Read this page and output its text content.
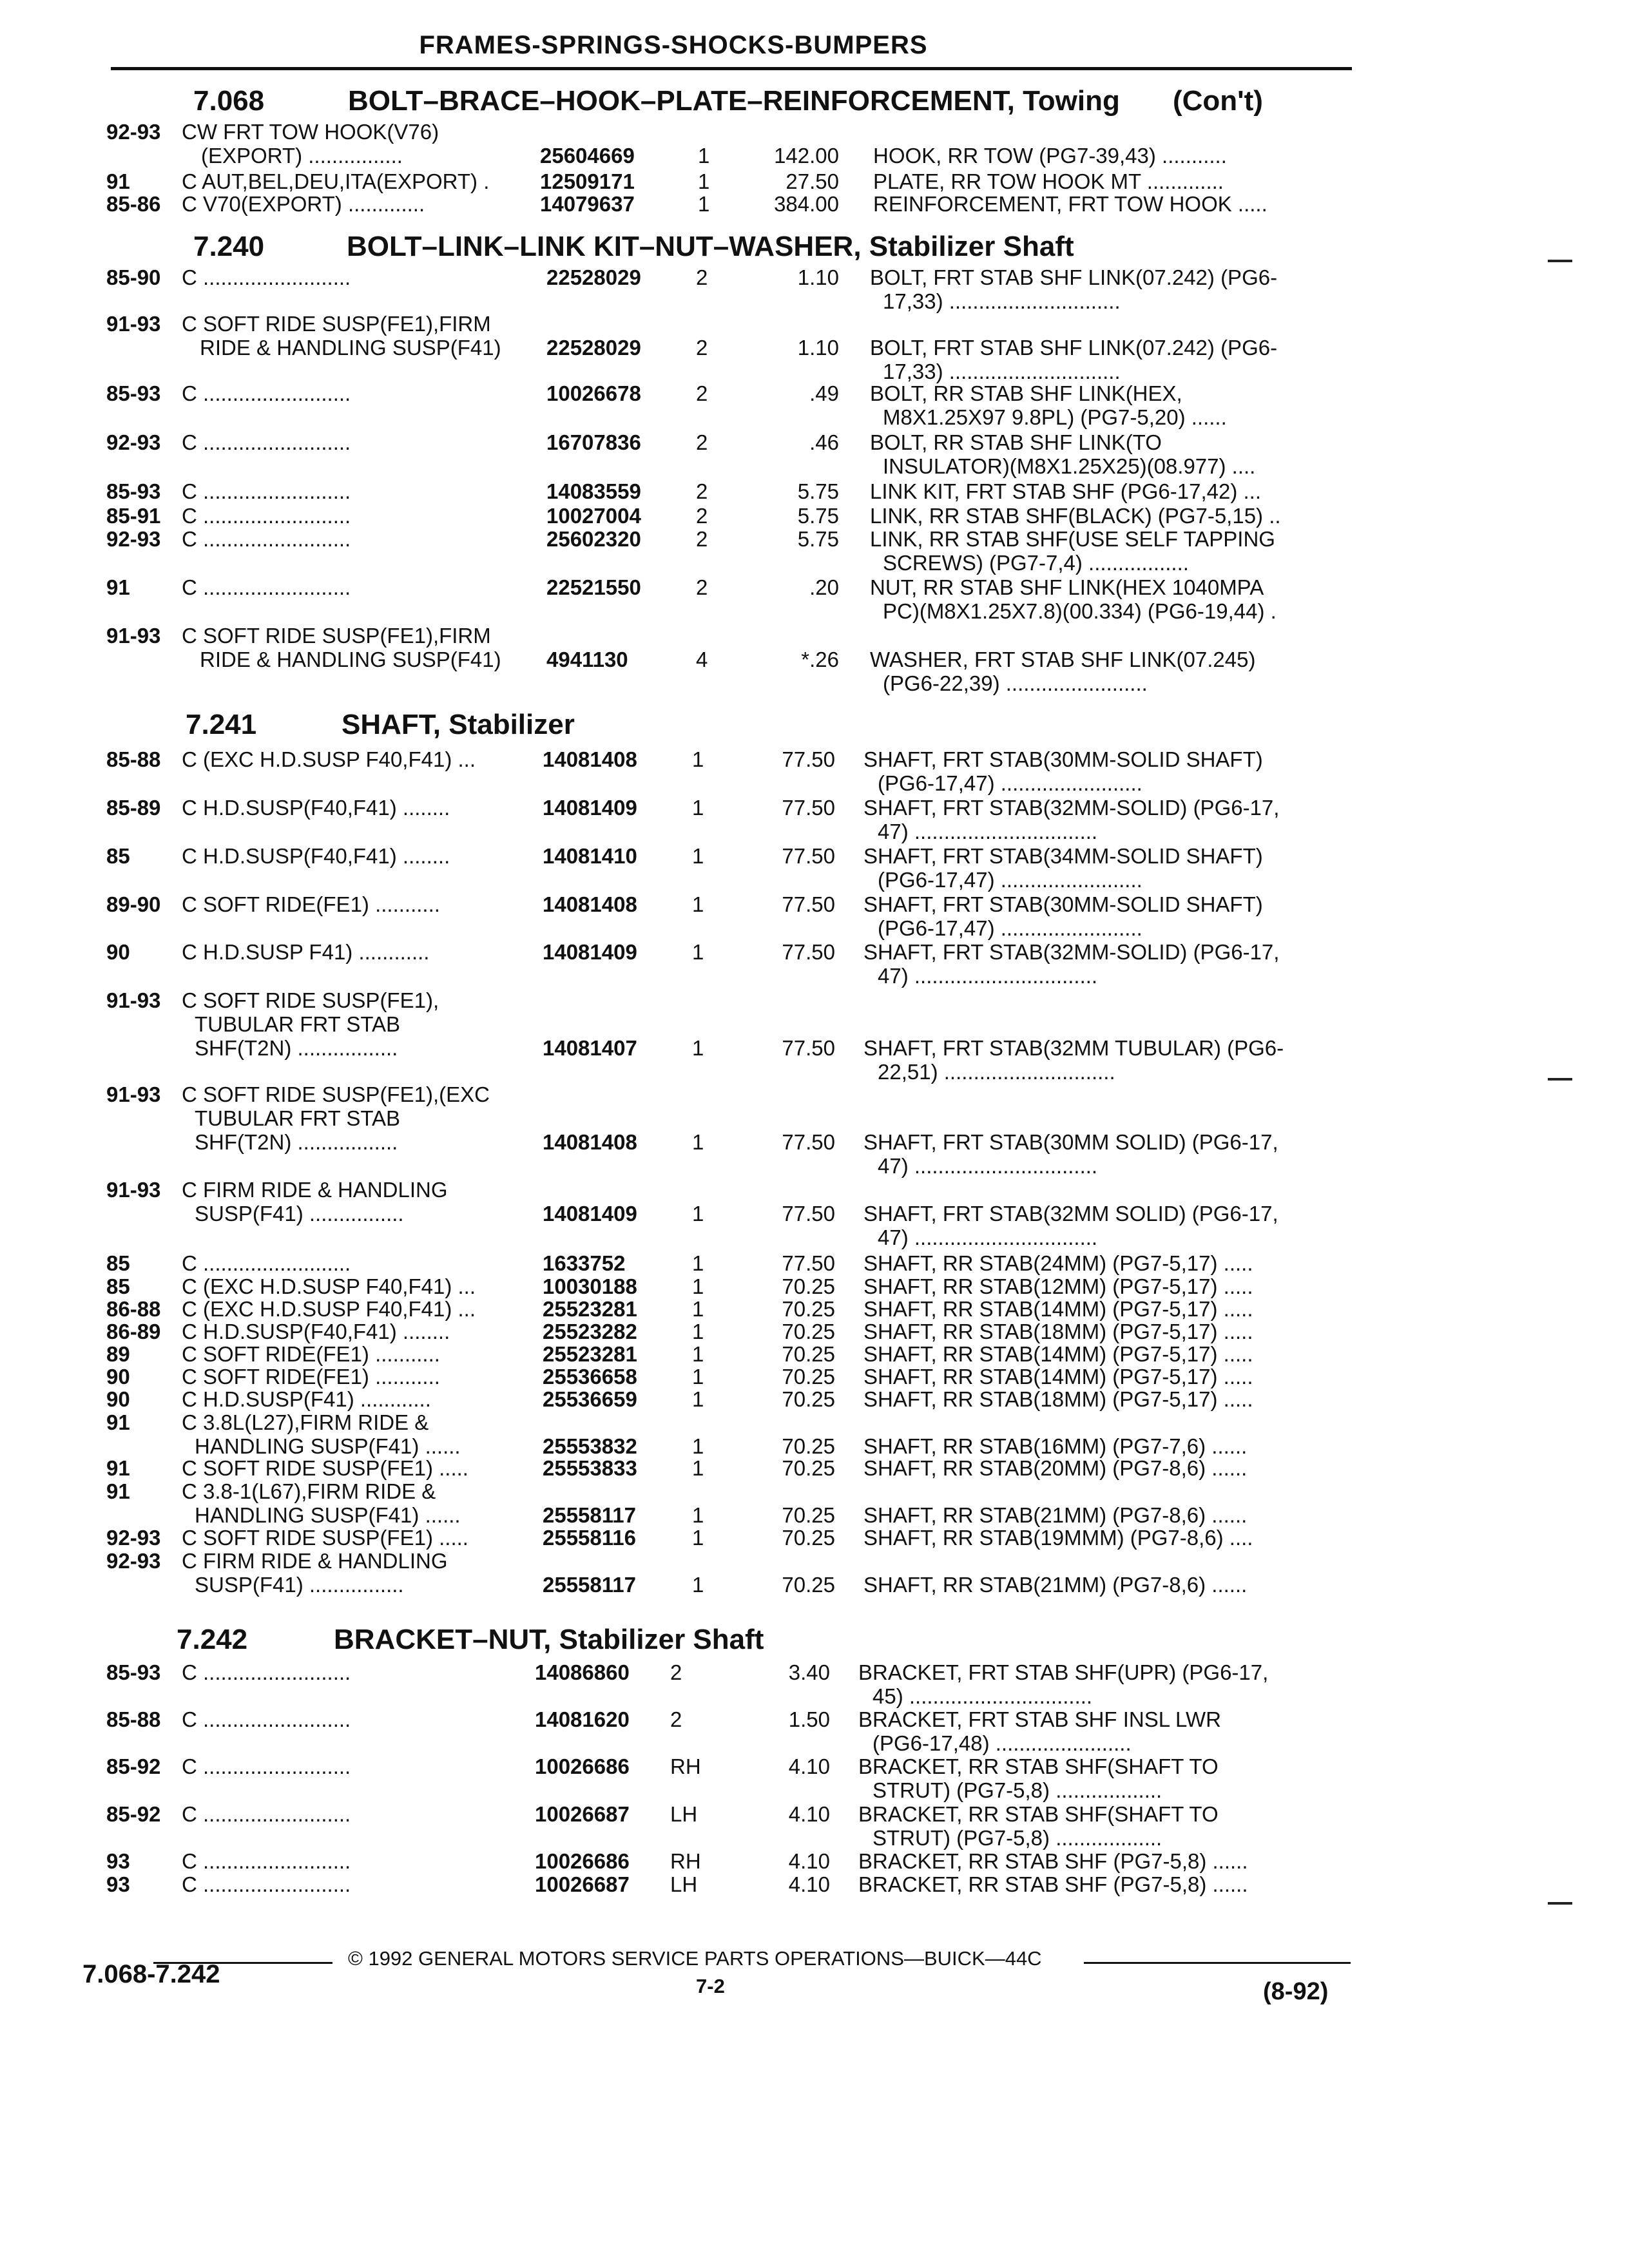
FRAMES-SPRINGS-SHOCKS-BUMPERS
7.068	BOLT–BRACE–HOOK–PLATE–REINFORCEMENT, Towing (Con't)
92-93 CW FRT TOW HOOK(V76)
(EXPORT) ................	25604669	1	142.00 HOOK, RR TOW (PG7-39,43) ...........
91 C AUT,BEL,DEU,ITA(EXPORT) . 12509171	1	27.50 PLATE, RR TOW HOOK MT .............
85-86 C V70(EXPORT) .............	14079637	1	384.00 REINFORCEMENT, FRT TOW HOOK .....
7.240	BOLT–LINK–LINK KIT–NUT–WASHER, Stabilizer Shaft
85-90 C .........................	22528029	2	1.10 BOLT, FRT STAB SHF LINK(07.242) (PG6-
17,33) .............................
91-93 C SOFT RIDE SUSP(FE1),FIRM
RIDE & HANDLING SUSP(F41) 22528029	2	1.10 BOLT, FRT STAB SHF LINK(07.242) (PG6-
17,33) .............................
85-93 C .........................	10026678	2	.49 BOLT, RR STAB SHF LINK(HEX,
M8X1.25X97 9.8PL) (PG7-5,20) ......
92-93 C .........................	16707836	2	.46 BOLT, RR STAB SHF LINK(TO
INSULATOR)(M8X1.25X25)(08.977) ....
85-93 C .........................	14083559	2	5.75 LINK KIT, FRT STAB SHF (PG6-17,42) ...
85-91 C .........................	10027004	2	5.75 LINK, RR STAB SHF(BLACK) (PG7-5,15) ..
92-93 C .........................	25602320	2	5.75 LINK, RR STAB SHF(USE SELF TAPPING
SCREWS) (PG7-7,4) .................
91 C .........................	22521550	2	.20 NUT, RR STAB SHF LINK(HEX 1040MPA
PC)(M8X1.25X7.8)(00.334) (PG6-19,44) .
91-93 C SOFT RIDE SUSP(FE1),FIRM
RIDE & HANDLING SUSP(F41) 4941130	4	*.26 WASHER, FRT STAB SHF LINK(07.245)
(PG6-22,39) ........................
7.241	SHAFT, Stabilizer
85-88 C (EXC H.D.SUSP F40,F41) ...	14081408	1	77.50 SHAFT, FRT STAB(30MM-SOLID SHAFT)
(PG6-17,47) ........................
85-89 C H.D.SUSP(F40,F41) ........	14081409	1	77.50 SHAFT, FRT STAB(32MM-SOLID) (PG6-17,
47) ...............................
85 C H.D.SUSP(F40,F41) ........	14081410	1	77.50 SHAFT, FRT STAB(34MM-SOLID SHAFT)
(PG6-17,47) ........................
89-90 C SOFT RIDE(FE1) ...........	14081408	1	77.50 SHAFT, FRT STAB(30MM-SOLID SHAFT)
(PG6-17,47) ........................
90 C H.D.SUSP F41) ............	14081409	1	77.50 SHAFT, FRT STAB(32MM-SOLID) (PG6-17,
47) ...............................
91-93 C SOFT RIDE SUSP(FE1),
TUBULAR FRT STAB
SHF(T2N) .................	14081407	1	77.50 SHAFT, FRT STAB(32MM TUBULAR) (PG6-
22,51) .............................
91-93 C SOFT RIDE SUSP(FE1),(EXC
TUBULAR FRT STAB
SHF(T2N) .................	14081408	1	77.50 SHAFT, FRT STAB(30MM SOLID) (PG6-17,
47) ...............................
91-93 C FIRM RIDE & HANDLING
SUSP(F41) ................	14081409	1	77.50 SHAFT, FRT STAB(32MM SOLID) (PG6-17,
47) ...............................
85 C .........................	1633752	1	77.50 SHAFT, RR STAB(24MM) (PG7-5,17) .....
85 C (EXC H.D.SUSP F40,F41) ...	10030188	1	70.25 SHAFT, RR STAB(12MM) (PG7-5,17) .....
86-88 C (EXC H.D.SUSP F40,F41) ...	25523281	1	70.25 SHAFT, RR STAB(14MM) (PG7-5,17) .....
86-89 C H.D.SUSP(F40,F41) ........	25523282	1	70.25 SHAFT, RR STAB(18MM) (PG7-5,17) .....
89 C SOFT RIDE(FE1) ...........	25523281	1	70.25 SHAFT, RR STAB(14MM) (PG7-5,17) .....
90 C SOFT RIDE(FE1) ...........	25536658	1	70.25 SHAFT, RR STAB(14MM) (PG7-5,17) .....
90 C H.D.SUSP(F41) ............	25536659	1	70.25 SHAFT, RR STAB(18MM) (PG7-5,17) .....
91 C 3.8L(L27),FIRM RIDE &
HANDLING SUSP(F41) ......	25553832	1	70.25 SHAFT, RR STAB(16MM) (PG7-7,6) ......
91 C SOFT RIDE SUSP(FE1) .....	25553833	1	70.25 SHAFT, RR STAB(20MM) (PG7-8,6) ......
91 C 3.8-1(L67),FIRM RIDE &
HANDLING SUSP(F41) ......	25558117	1	70.25 SHAFT, RR STAB(21MM) (PG7-8,6) ......
92-93 C SOFT RIDE SUSP(FE1) .....	25558116	1	70.25 SHAFT, RR STAB(19MMM) (PG7-8,6) ....
92-93 C FIRM RIDE & HANDLING
SUSP(F41) ................	25558117	1	70.25 SHAFT, RR STAB(21MM) (PG7-8,6) ......
7.242	BRACKET–NUT, Stabilizer Shaft
85-93 C .........................	14086860 2	3.40 BRACKET, FRT STAB SHF(UPR) (PG6-17,
45) ...............................
85-88 C .........................	14081620 2	1.50 BRACKET, FRT STAB SHF INSL LWR
(PG6-17,48) .......................
85-92 C .........................	10026686 RH	4.10 BRACKET, RR STAB SHF(SHAFT TO
STRUT) (PG7-5,8) ..................
85-92 C .........................	10026687 LH	4.10 BRACKET, RR STAB SHF(SHAFT TO
STRUT) (PG7-5,8) ..................
93 C .........................	10026686 RH	4.10 BRACKET, RR STAB SHF (PG7-5,8) ......
93 C .........................	10026687 LH	4.10 BRACKET, RR STAB SHF (PG7-5,8) ......
© 1992 GENERAL MOTORS SERVICE PARTS OPERATIONS—BUICK—44C
7.068-7.242	7-2	(8-92)
